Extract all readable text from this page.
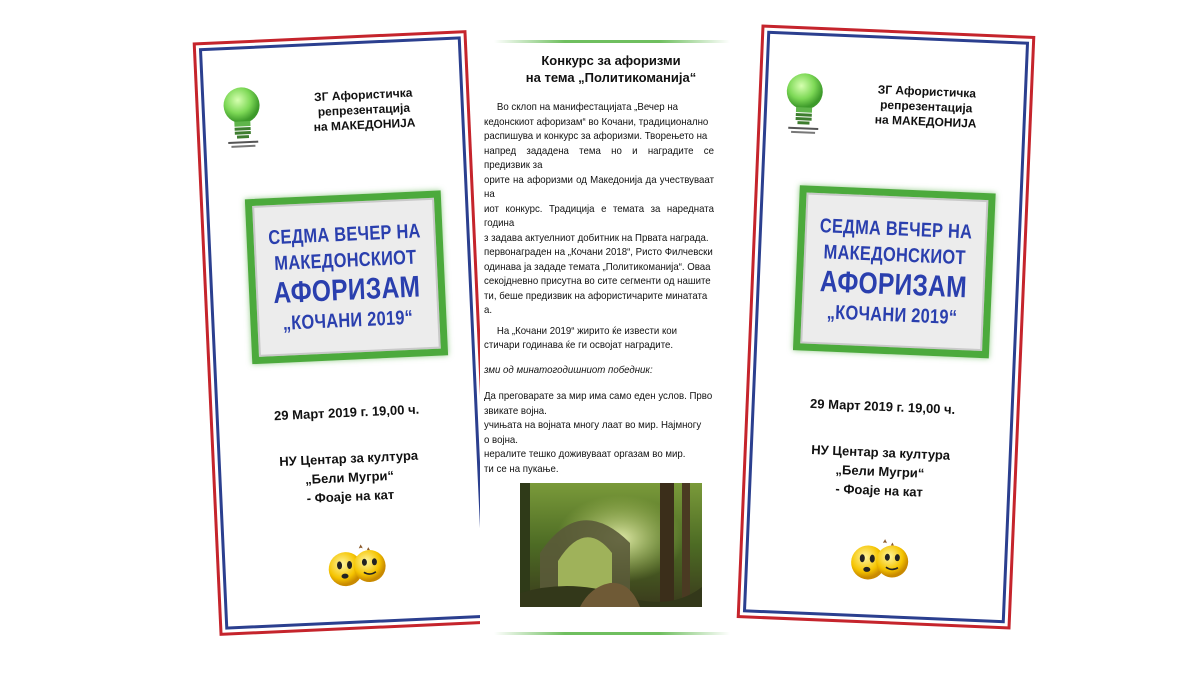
ЗГ Афористичка репрезентација
на МАКЕДОНИЈА
СЕДМА ВЕЧЕР НА
МАКЕДОНСКИОТ
АФОРИЗАМ
„КОЧАНИ 2019“
29 Март 2019 г. 19,00 ч.
НУ Центар за култура
„Бели Мугри“
- Фоаје на кат
Конкурс за афоризми
на тема „Политикоманија“

Во склоп на манифестацијата „Вечер на
кедонскиот афоризам“ во Кочани, традиционално
распишува и конкурс за афоризми. Творењето на
напред зададена тема но и наградите се предизвик за
орите на афоризми од Македонија да учествуваат на
иот конкурс. Традиција е темата за наредната година
з задава актуелниот добитник на Првата награда.
первонаграден на „Кочани 2018“, Ристо Филчевски
одинава ја зададе темата „Политикоманија“. Оваа
секојдневно присутна во сите сегменти од нашите
ти, беше предизвик на афористичарите минатата
а.

На „Кочани 2019“ жирито ќе извести кои
стичари годинава ќе ги освојат наградите.

зми од минатогодишниот победник:

Да преговарате за мир има само еден услов. Прво
звикате војна.
учињата на војната многу лаат во мир. Најмногу
о војна.
нералите тешко доживуваат оргазам во мир.
ти се на пукање.

ЗГ Афористичка репрезентација
на МАКЕДОНИЈА
СЕДМА ВЕЧЕР НА
МАКЕДОНСКИОТ
АФОРИЗАМ
„КОЧАНИ 2019“
29 Март 2019 г. 19,00 ч.
НУ Центар за култура
„Бели Мугри“
- Фоаје на кат
